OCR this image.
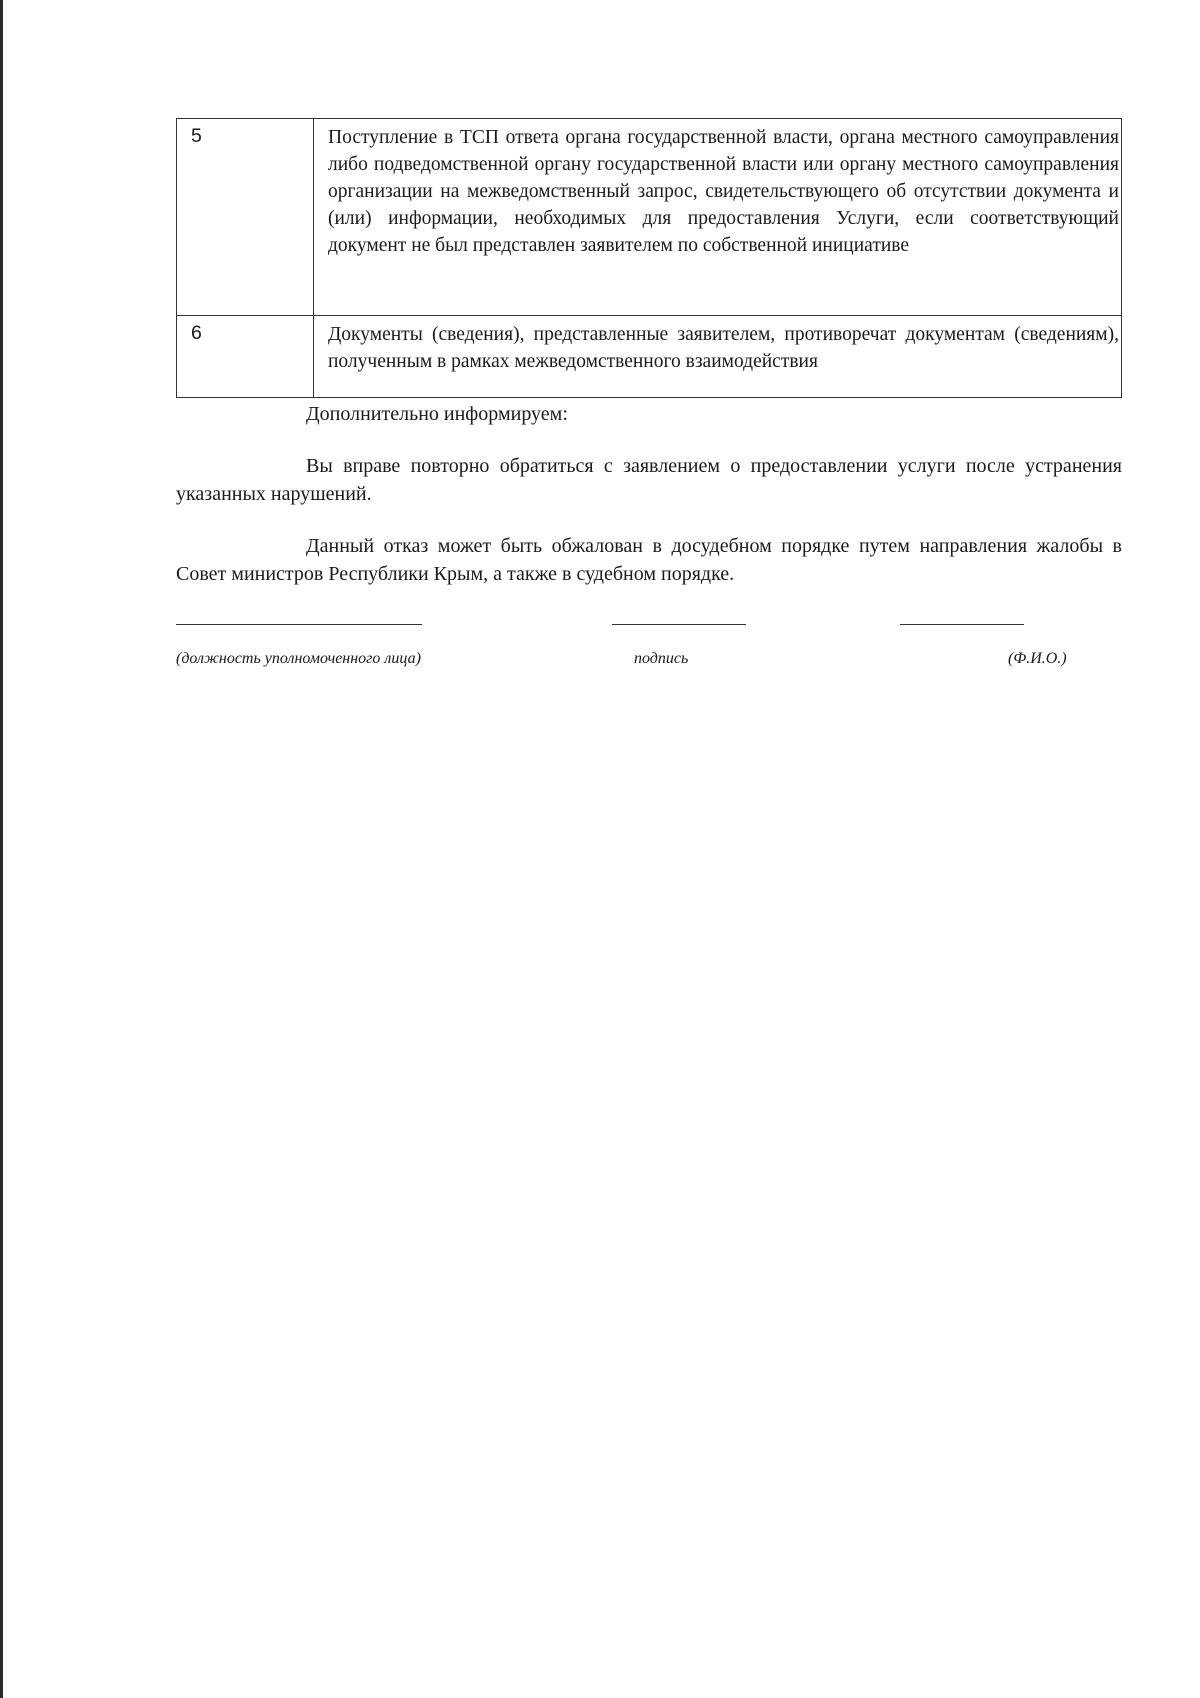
5	Поступление в ТСП ответа органа государственной власти, органа местного самоуправления либо подведомственной органу государственной власти или органу местного самоуправления организации на межведомственный запрос, свидетельствующего об отсутствии документа и (или) информации, необходимых для предоставления Услуги, если соответствующий документ не был представлен заявителем по собственной инициативе
6	Документы (сведения), представленные заявителем, противоречат документам (сведениям), полученным в рамках межведомственного взаимодействия

Дополнительно информируем:

Вы вправе повторно обратиться с заявлением о предоставлении услуги после устранения указанных нарушений.

Данный отказ может быть обжалован в досудебном порядке путем направления жалобы в Совет министров Республики Крым, а также в судебном порядке.

(должность уполномоченного лица)	подпись	(Ф.И.О.)
